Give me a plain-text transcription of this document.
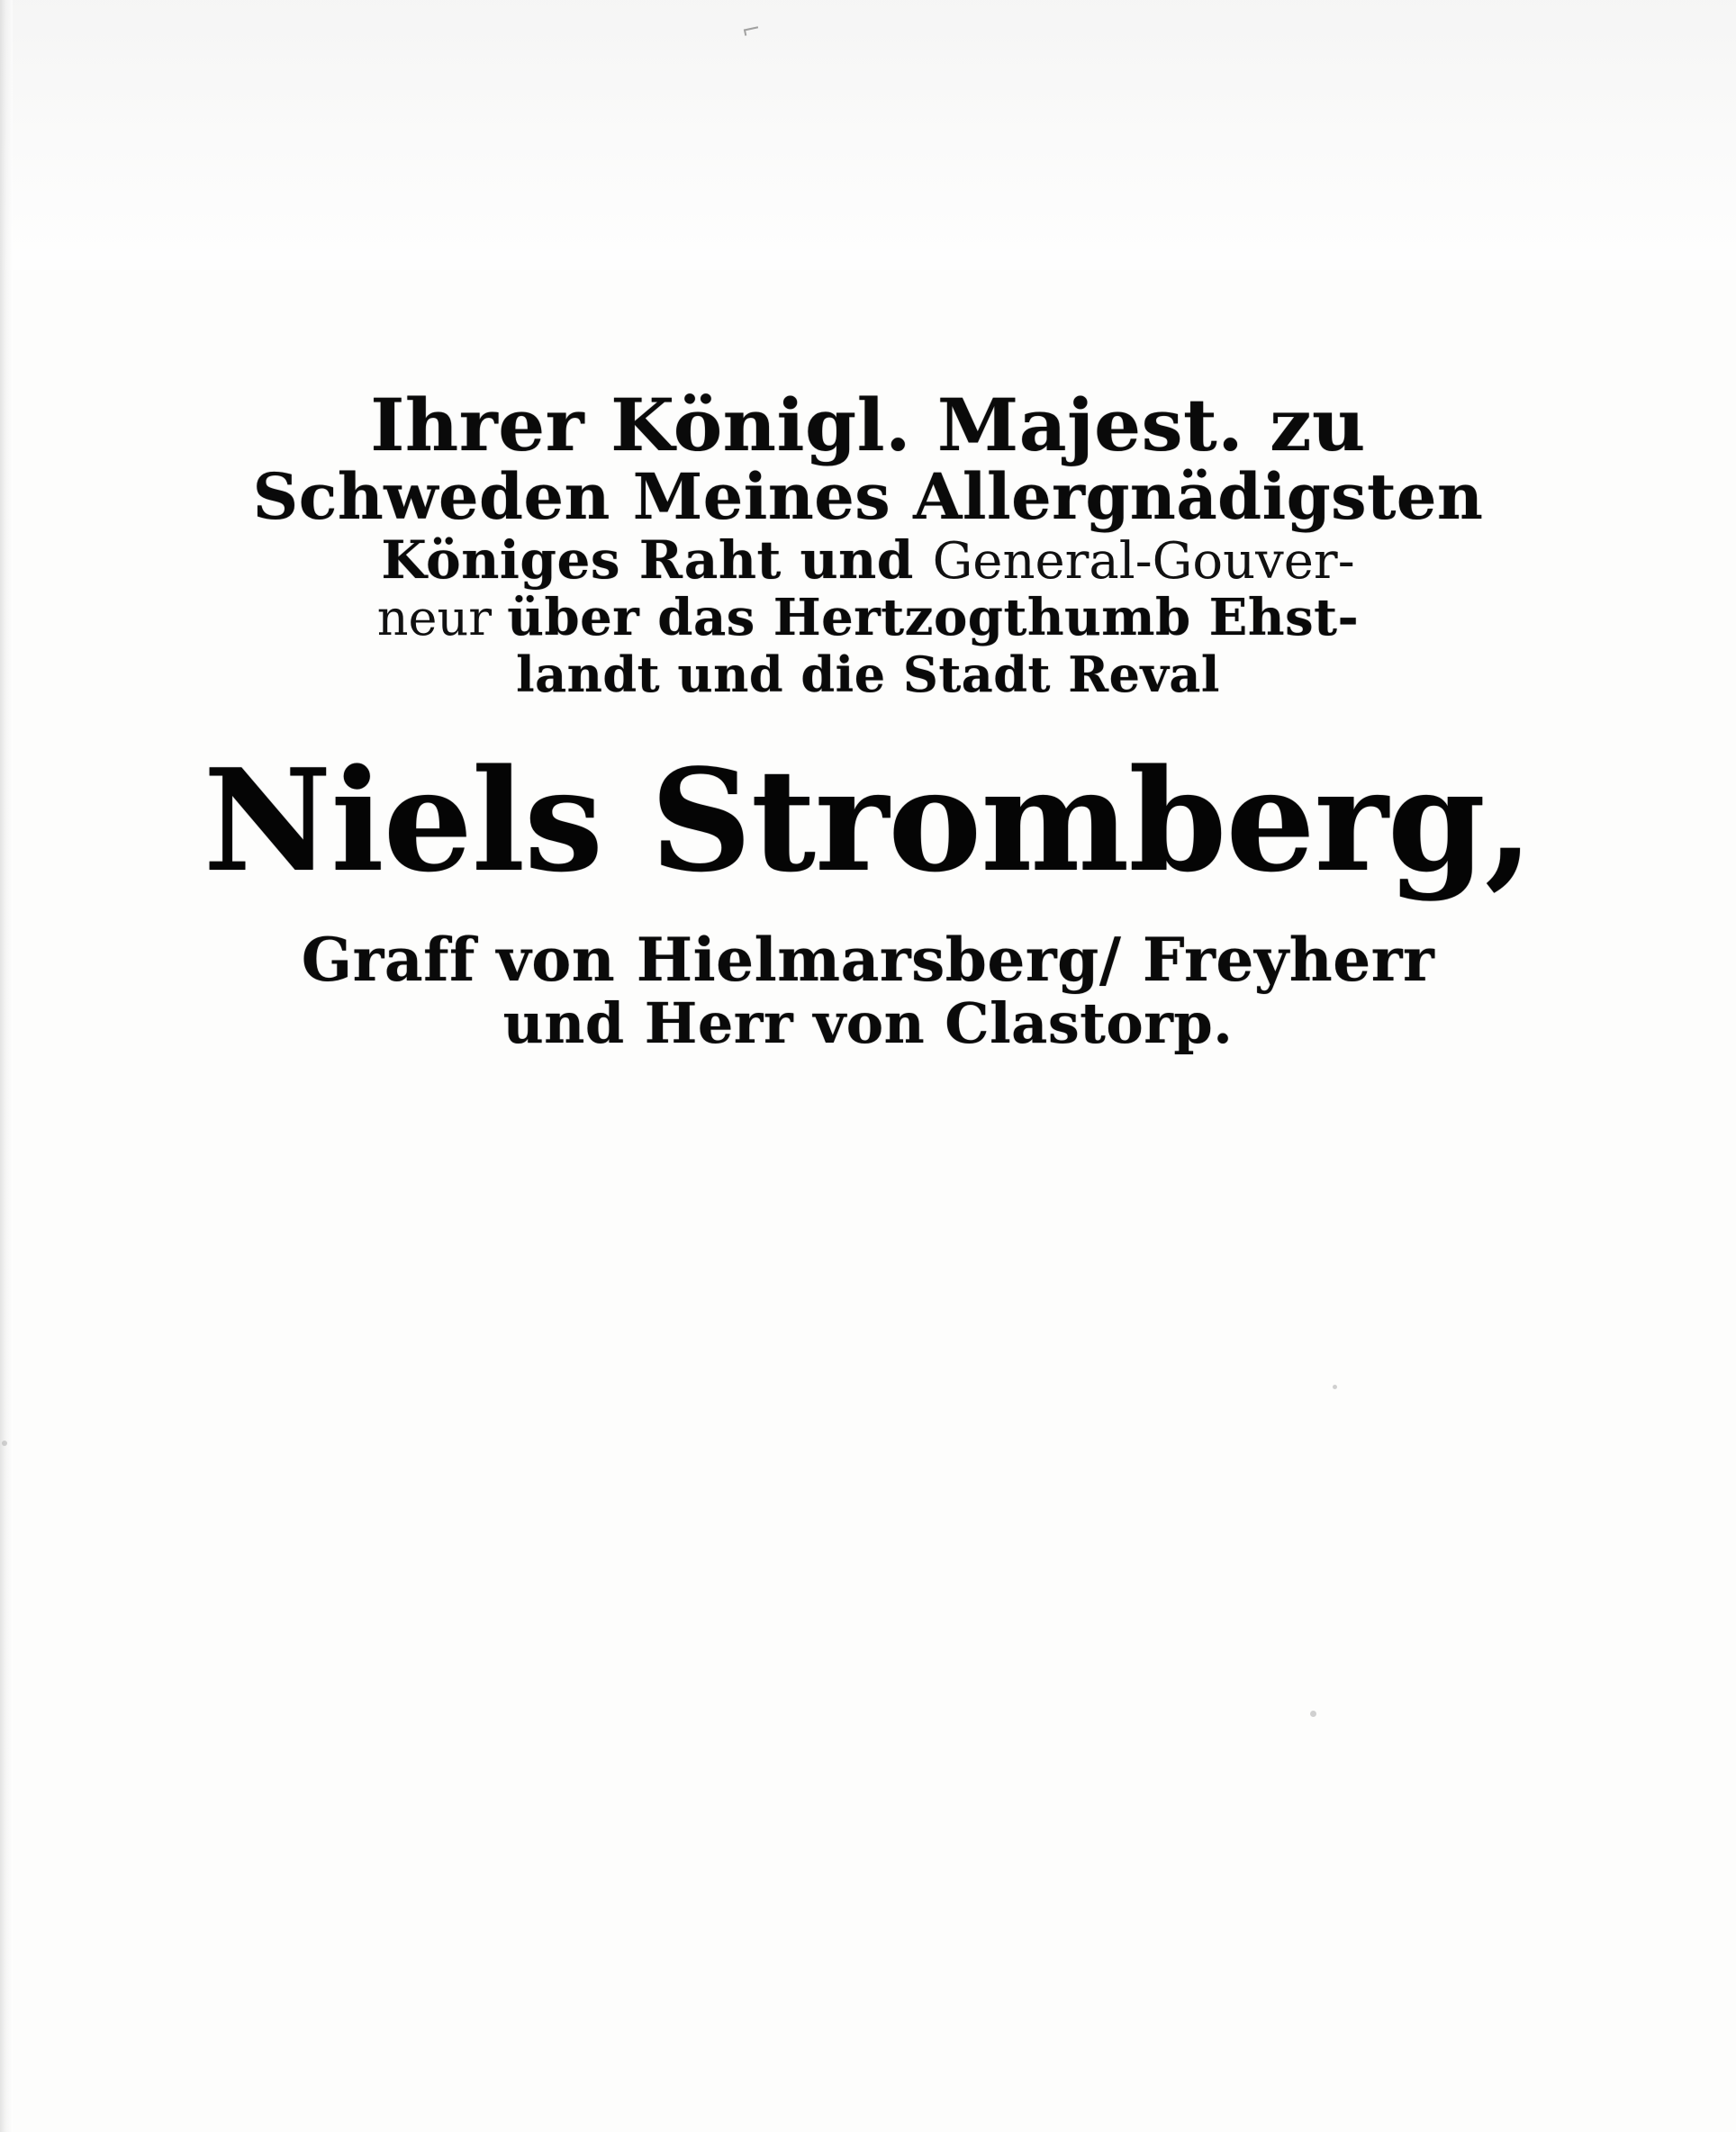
⌐
Ihrer Königl. Majest. zu
Schweden Meines Allergnädigsten
Königes Raht und General-Gouver-
neur über das Hertzogthumb Ehst-
landt und die Stadt Reval
Niels Stromberg,
Graff von Hielmarsberg/ Freyherr
und Herr von Clastorp.
